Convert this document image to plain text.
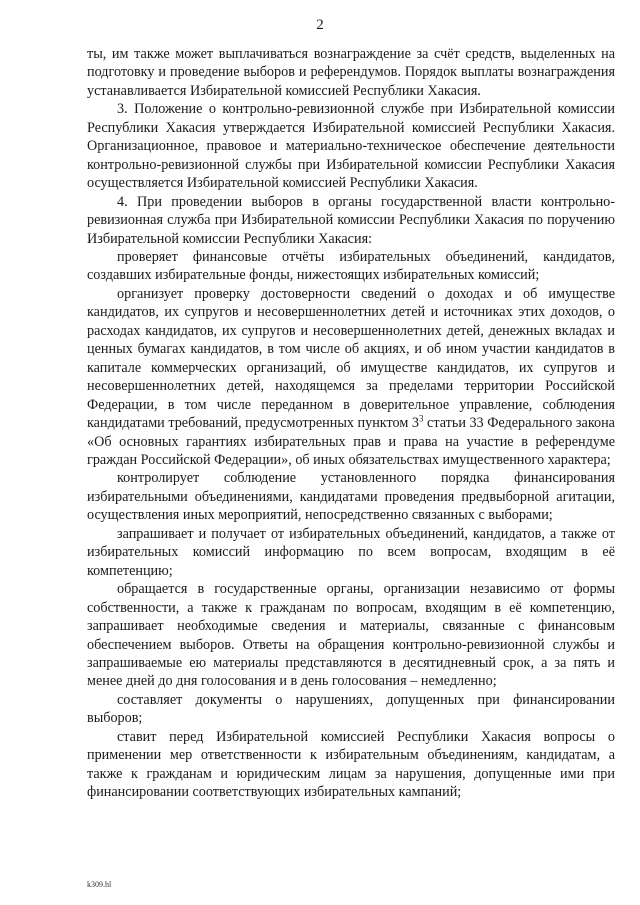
2

ты, им также может выплачиваться вознаграждение за счёт средств, выделенных на подготовку и проведение выборов и референдумов. Порядок выплаты вознаграждения устанавливается Избирательной комиссией Республики Хакасия.

3. Положение о контрольно-ревизионной службе при Избирательной комиссии Республики Хакасия утверждается Избирательной комиссией Республики Хакасия. Организационное, правовое и материально-техническое обеспечение деятельности контрольно-ревизионной службы при Избирательной комиссии Республики Хакасия осуществляется Избирательной комиссией Республики Хакасия.

4. При проведении выборов в органы государственной власти контрольно-ревизионная служба при Избирательной комиссии Республики Хакасия по поручению Избирательной комиссии Республики Хакасия:

проверяет финансовые отчёты избирательных объединений, кандидатов, создавших избирательные фонды, нижестоящих избирательных комиссий;

организует проверку достоверности сведений о доходах и об имуществе кандидатов, их супругов и несовершеннолетних детей и источниках этих доходов, о расходах кандидатов, их супругов и несовершеннолетних детей, денежных вкладах и ценных бумагах кандидатов, в том числе об акциях, и об ином участии кандидатов в капитале коммерческих организаций, об имуществе кандидатов, их супругов и несовершеннолетних детей, находящемся за пределами территории Российской Федерации, в том числе переданном в доверительное управление, соблюдения кандидатами требований, предусмотренных пунктом $3^3$ статьи 33 Федерального закона «Об основных гарантиях избирательных прав и права на участие в референдуме граждан Российской Федерации», об иных обязательствах имущественного характера;

контролирует соблюдение установленного порядка финансирования избирательными объединениями, кандидатами проведения предвыборной агитации, осуществления иных мероприятий, непосредственно связанных с выборами;

запрашивает и получает от избирательных объединений, кандидатов, а также от избирательных комиссий информацию по всем вопросам, входящим в её компетенцию;

обращается в государственные органы, организации независимо от формы собственности, а также к гражданам по вопросам, входящим в её компетенцию, запрашивает необходимые сведения и материалы, связанные с финансовым обеспечением выборов. Ответы на обращения контрольно-ревизионной службы и запрашиваемые ею материалы представляются в десятидневный срок, а за пять и менее дней до дня голосования и в день голосования – немедленно;

составляет документы о нарушениях, допущенных при финансировании выборов;

ставит перед Избирательной комиссией Республики Хакасия вопросы о применении мер ответственности к избирательным объединениям, кандидатам, а также к гражданам и юридическим лицам за нарушения, допущенные ими при финансировании соответствующих избирательных кампаний;

k309.hl
